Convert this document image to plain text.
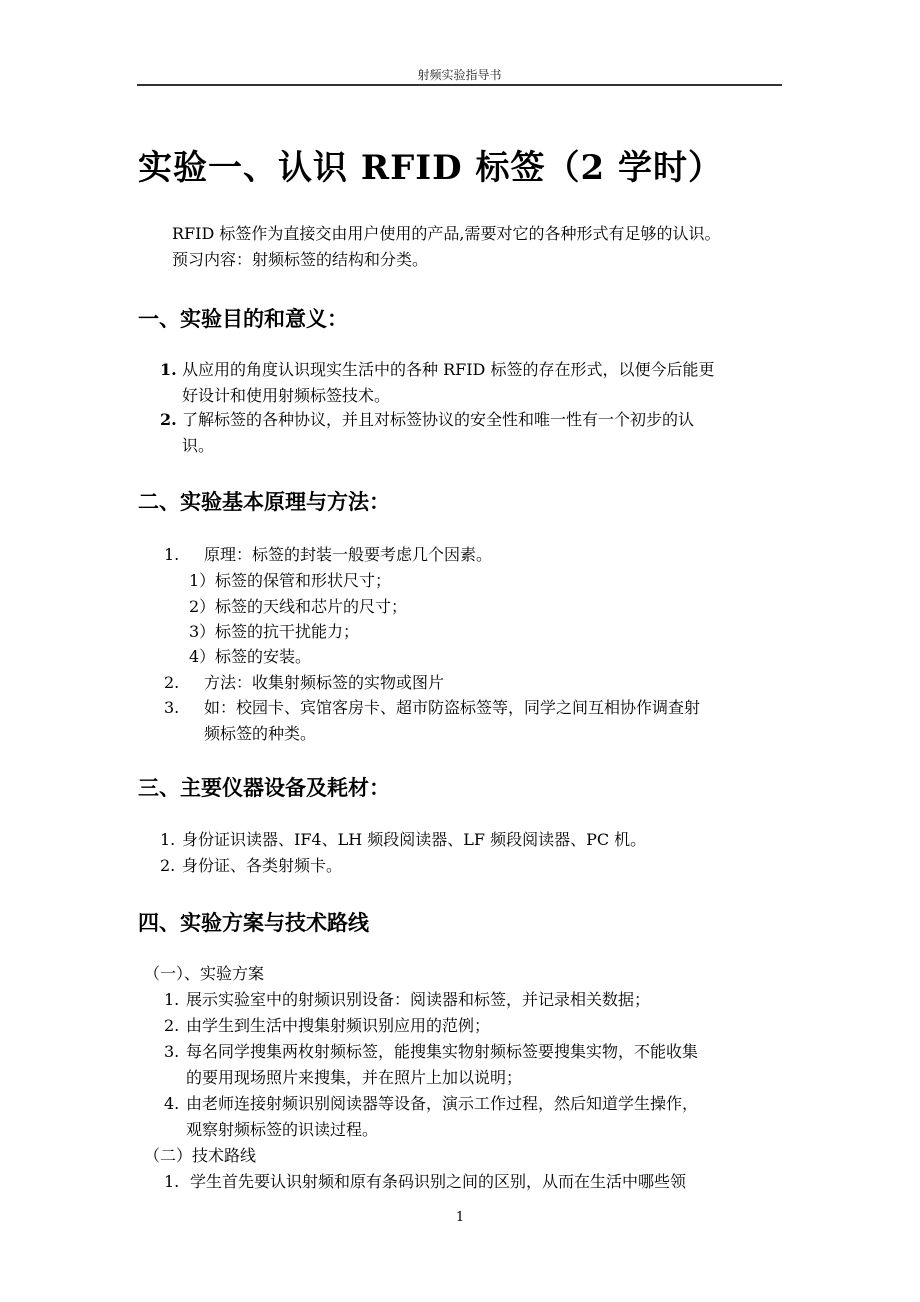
射频实验指导书
实验一、认识 RFID 标签（2 学时）
RFID 标签作为直接交由用户使用的产品,需要对它的各种形式有足够的认识。
预习内容：射频标签的结构和分类。
一、实验目的和意义：
1. 从应用的角度认识现实生活中的各种 RFID 标签的存在形式，以便今后能更
好设计和使用射频标签技术。
2. 了解标签的各种协议，并且对标签协议的安全性和唯一性有一个初步的认
识。
二、实验基本原理与方法：
1. 原理：标签的封装一般要考虑几个因素。
1） 标签的保管和形状尺寸；
2） 标签的天线和芯片的尺寸；
3） 标签的抗干扰能力；
4） 标签的安装。
2. 方法：收集射频标签的实物或图片
3. 如：校园卡、宾馆客房卡、超市防盗标签等，同学之间互相协作调查射
频标签的种类。
三、主要仪器设备及耗材：
1. 身份证识读器、IF4、LH 频段阅读器、LF 频段阅读器、PC 机。
2. 身份证、各类射频卡。
四、实验方案与技术路线
（一）、实验方案
1. 展示实验室中的射频识别设备：阅读器和标签，并记录相关数据；
2. 由学生到生活中搜集射频识别应用的范例；
3. 每名同学搜集两枚射频标签，能搜集实物射频标签要搜集实物，不能收集
的要用现场照片来搜集，并在照片上加以说明；
4. 由老师连接射频识别阅读器等设备，演示工作过程，然后知道学生操作，
观察射频标签的识读过程。
（二）技术路线
1. 学生首先要认识射频和原有条码识别之间的区别，从而在生活中哪些领
1
